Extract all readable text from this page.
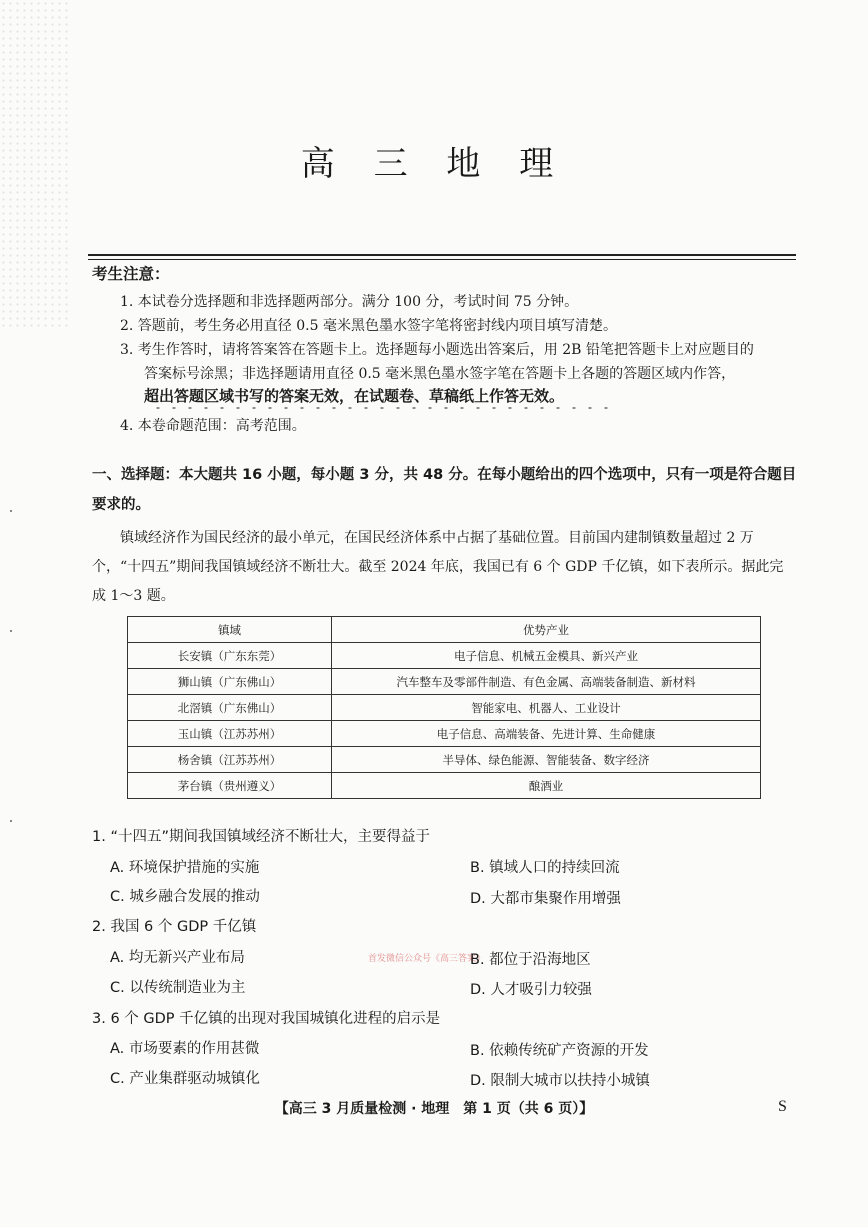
高 三 地 理
考生注意：
1. 本试卷分选择题和非选择题两部分。满分 100 分，考试时间 75 分钟。
2. 答题前，考生务必用直径 0.5 毫米黑色墨水签字笔将密封线内项目填写清楚。
3. 考生作答时，请将答案答在答题卡上。选择题每小题选出答案后，用 2B 铅笔把答题卡上对应题目的
答案标号涂黑；非选择题请用直径 0.5 毫米黑色墨水签字笔在答题卡上各题的答题区域内作答，
超出答题区域书写的答案无效，在试题卷、草稿纸上作答无效。
4. 本卷命题范围：高考范围。
一、选择题：本大题共 16 小题，每小题 3 分，共 48 分。在每小题给出的四个选项中，只有一项是符合题目要求的。
镇域经济作为国民经济的最小单元，在国民经济体系中占据了基础位置。目前国内建制镇数量超过 2 万个，“十四五”期间我国镇域经济不断壮大。截至 2024 年底，我国已有 6 个 GDP 千亿镇，如下表所示。据此完成 1～3 题。
镇域	优势产业
长安镇（广东东莞）	电子信息、机械五金模具、新兴产业
狮山镇（广东佛山）	汽车整车及零部件制造、有色金属、高端装备制造、新材料
北滘镇（广东佛山）	智能家电、机器人、工业设计
玉山镇（江苏苏州）	电子信息、高端装备、先进计算、生命健康
杨舍镇（江苏苏州）	半导体、绿色能源、智能装备、数字经济
茅台镇（贵州遵义）	酿酒业
1. “十四五”期间我国镇域经济不断壮大，主要得益于
A. 环境保护措施的实施	B. 镇域人口的持续回流
C. 城乡融合发展的推动	D. 大都市集聚作用增强
2. 我国 6 个 GDP 千亿镇
A. 均无新兴产业布局	首发微信公众号《高三答案》
B. 都位于沿海地区
C. 以传统制造业为主	D. 人才吸引力较强
3. 6 个 GDP 千亿镇的出现对我国城镇化进程的启示是
A. 市场要素的作用甚微	B. 依赖传统矿产资源的开发
C. 产业集群驱动城镇化	D. 限制大城市以扶持小城镇
【高三 3 月质量检测 · 地理　第 1 页（共 6 页）】	S
